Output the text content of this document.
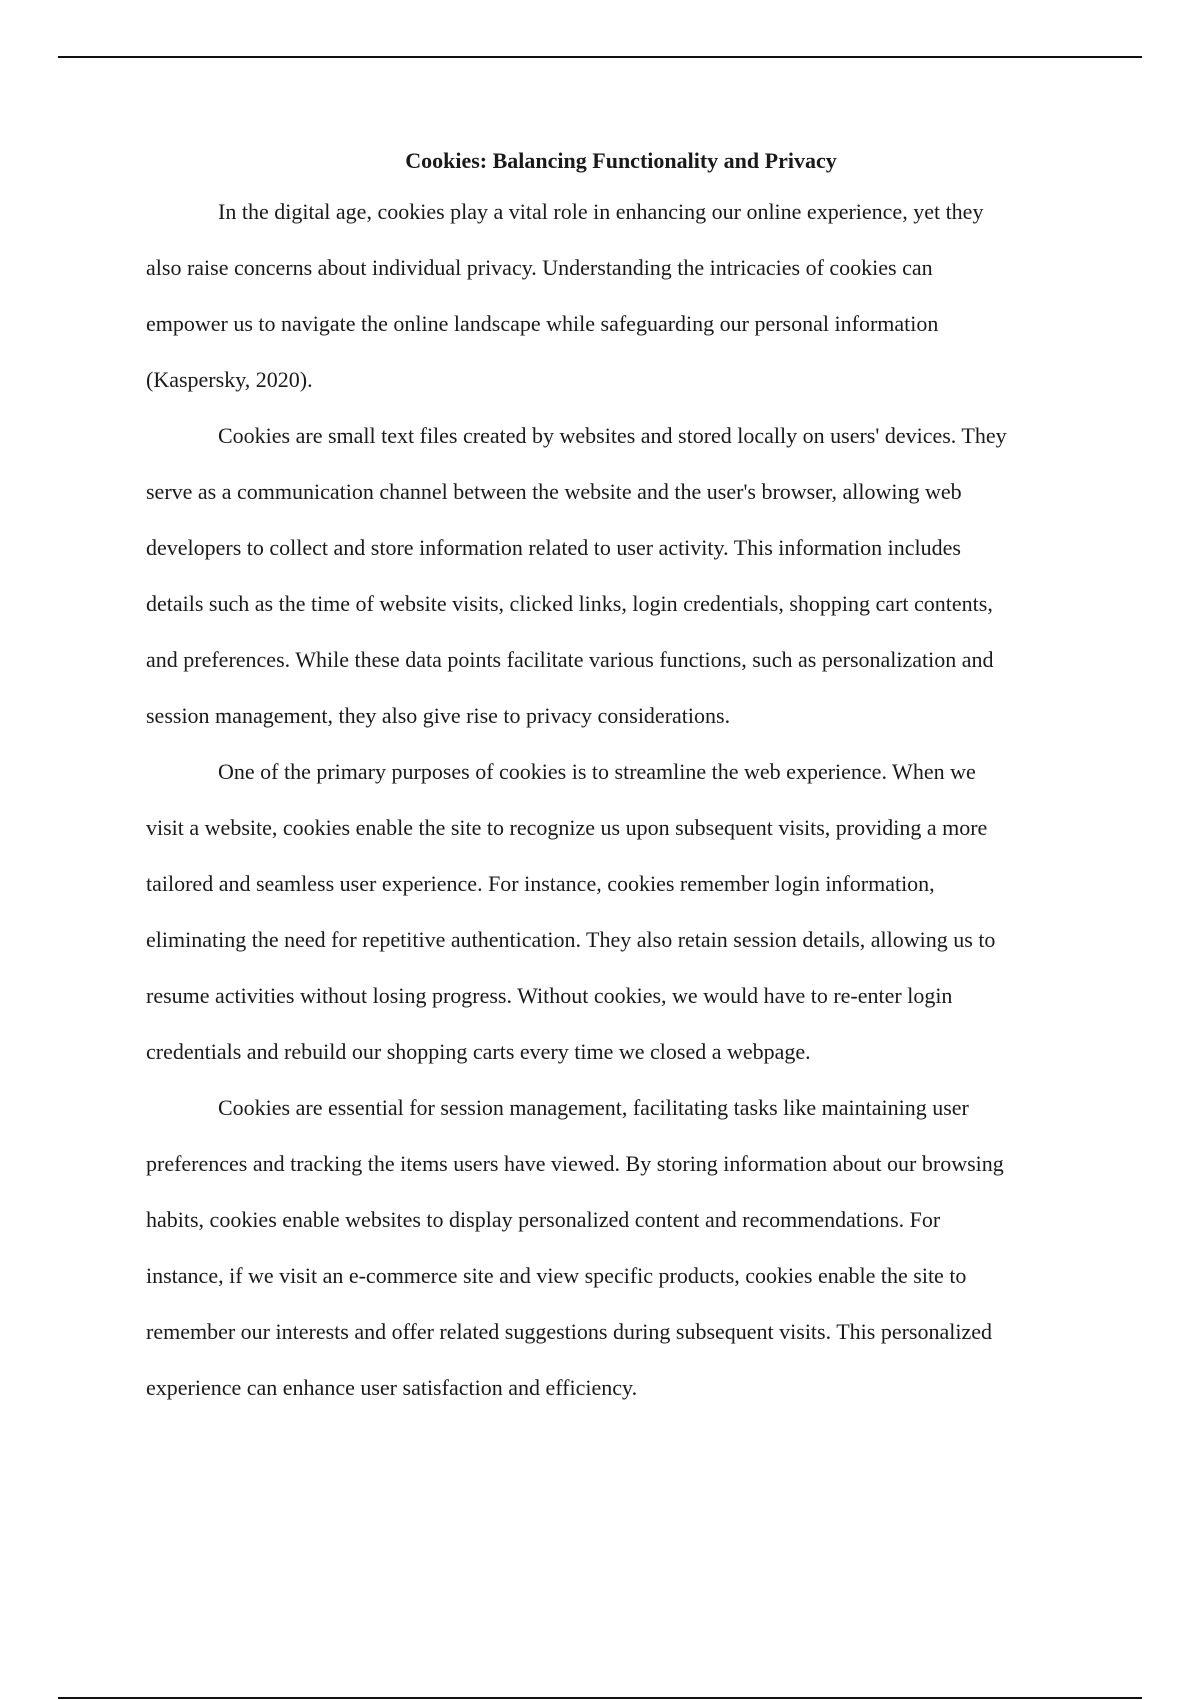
Cookies: Balancing Functionality and Privacy

In the digital age, cookies play a vital role in enhancing our online experience, yet they
also raise concerns about individual privacy. Understanding the intricacies of cookies can
empower us to navigate the online landscape while safeguarding our personal information
(Kaspersky, 2020).

Cookies are small text files created by websites and stored locally on users' devices. They
serve as a communication channel between the website and the user's browser, allowing web
developers to collect and store information related to user activity. This information includes
details such as the time of website visits, clicked links, login credentials, shopping cart contents,
and preferences. While these data points facilitate various functions, such as personalization and
session management, they also give rise to privacy considerations.

One of the primary purposes of cookies is to streamline the web experience. When we
visit a website, cookies enable the site to recognize us upon subsequent visits, providing a more
tailored and seamless user experience. For instance, cookies remember login information,
eliminating the need for repetitive authentication. They also retain session details, allowing us to
resume activities without losing progress. Without cookies, we would have to re-enter login
credentials and rebuild our shopping carts every time we closed a webpage.

Cookies are essential for session management, facilitating tasks like maintaining user
preferences and tracking the items users have viewed. By storing information about our browsing
habits, cookies enable websites to display personalized content and recommendations. For
instance, if we visit an e-commerce site and view specific products, cookies enable the site to
remember our interests and offer related suggestions during subsequent visits. This personalized
experience can enhance user satisfaction and efficiency.
